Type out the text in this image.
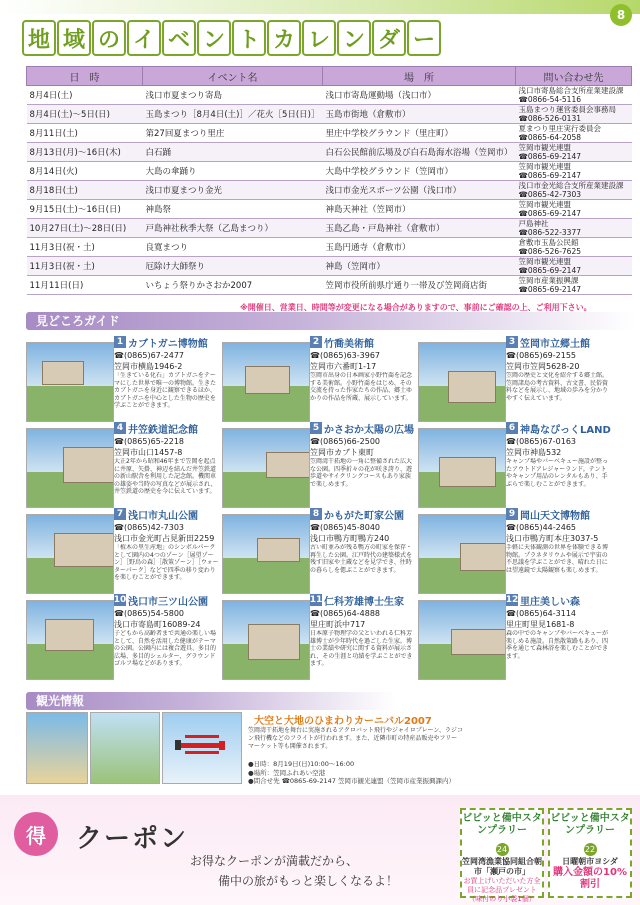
8
地 域 の イ ベ ン ト カ レ ン ダ ー
日　時	イベント名	場　所	問い合わせ先
8月4日(土)	浅口市夏まつり寄島	浅口市寄島運動場（浅口市）	浅口市寄島総合支所産業建設課
☎0866-54-5116

8月4日(土)～5日(日)	玉島まつり［8月4日(土)］／花火［5日(日)］	玉島市街地（倉敷市）	玉島まつり運営委員会事務局
☎086-526-0131

8月11日(土)	第27回夏まつり里庄	里庄中学校グラウンド（里庄町）	夏まつり里庄実行委員会
☎0865-64-2058

8月13日(月)～16日(木)	白石踊	白石公民館前広場及び白石島海水浴場（笠岡市）	笠岡市観光連盟
☎0865-69-2147

8月14日(火)	大島の傘踊り	大島中学校グラウンド（笠岡市）	笠岡市観光連盟
☎0865-69-2147

8月18日(土)	浅口市夏まつり金光	浅口市金光スポーツ公園（浅口市）	浅口市金光総合支所産業建設課
☎0865-42-7303

9月15日(土)～16日(日)	神島祭	神島天神社（笠岡市）	笠岡市観光連盟
☎0865-69-2147

10月27日(土)～28日(日)	戸島神社秋季大祭（乙島まつり）	玉島乙島・戸島神社（倉敷市）	戸島神社
☎086-522-3377

11月3日(祝・土)	良寛まつり	玉島円通寺（倉敷市）	倉敷市玉島公民館
☎086-526-7625

11月3日(祝・土)	厄除け大師祭り	神島（笠岡市）	笠岡市観光連盟
☎0865-69-2147

11月11日(日)	いちょう祭りかさおか2007	笠岡市役所前県庁通り一帯及び笠岡商店街	笠岡市産業振興課
☎0865-69-2147
※開催日、営業日、時間等が変更になる場合がありますので、事前にご確認の上、ご利用下さい。
見どころガイド
1 カブトガニ博物館
☎(0865)67-2477
笠岡市横島1946-2
「生きている化石」カブトガニをテーマにした世界で唯一の博物館。生きたカブトガニを身近に観察できるほか、カブトガニを中心とした生物の歴史を学ぶことができます。
2 竹喬美術館
☎(0865)63-3967
笠岡市六番町1-17
笠岡市出身の日本画家小野竹喬を記念する美術館。小野竹喬をはじめ、その交流を持った作家たちの作品、郷土ゆかりの作品を所蔵、展示しています。
3 笠岡市立郷土館
☎(0865)69-2155
笠岡市笠岡5628-20
笠岡の歴史と文化を紹介する郷土館。笠岡諸島の考古資料、古文書、民俗資料などを展示し、地域の歩みを分かりやすく伝えています。
4 井笠鉄道記念館
☎(0865)65-2218
笠岡市山口1457-8
大正2年から昭和46年まで笠岡を起点に井原、矢掛、神辺を結んだ井笠鉄道の新山駅舎を利用した記念館。機関車の雄姿や当時の写真などが展示され、井笠鉄道の歴史を今に伝えています。
5 かさおか太陽の広場
☎(0865)66-2500
笠岡市カブト東町
笠岡湾干拓地の一角に整備された広大な公園。四季折々の花が咲き誇り、遊歩道やサイクリングコースもあり家族で楽しめます。
6 神島なぴっくLAND
☎(0865)67-0163
笠岡市神島532
キャンプ場やバーベキュー施設が整ったアウトドアレジャーランド。テントやキャンプ用品のレンタルもあり、手ぶらで楽しむことができます。
7 浅口市丸山公園
☎(0865)42-7303
浅口市金光町占見新田2259
「植木の里生産地」のシンボルパークとして園内の4つのゾーン［展望ゾーン］［野鳥の森］［散策ゾーン］［ウォーターパーク］などで四季の移り変わりを楽しむことができます。
8 かもがた町家公園
☎(0865)45-8040
浅口市鴨方町鴨方240
古い町並みが残る鴨方の町家を保存・再生した公園。江戸時代の建築様式を残す旧家や土蔵などを見学でき、往時の暮らしを偲ぶことができます。
9 岡山天文博物館
☎(0865)44-2465
浅口市鴨方町本庄3037-5
手軽に天体観測の世界を体験できる博物館。プラネタリウムや展示で宇宙の不思議を学ぶことができ、晴れた日には望遠鏡で太陽観察も楽しめます。
10 浅口市三ツ山公園
☎(0865)54-5800
浅口市寄島町16089-24
子どもから高齢者まで共通の楽しい場として、自然を活用した健康がテーマの公園。公園内には複合遊具、多目的広場、多目的シェルター、グラウンドゴルフ場などがあります。
11 仁科芳雄博士生家
☎(0865)64-4888
里庄町浜中717
日本原子物理学の父といわれる仁科芳雄博士が少年時代を過ごした生家。博士の業績や研究に関する資料が展示され、その生涯と功績を学ぶことができます。
12 里庄美しい森
☎(0865)64-3114
里庄町里見1681-8
森の中でのキャンプやバーベキューが楽しめる施設。自然散策路もあり、四季を通じて森林浴を楽しむことができます。
観光情報
大空と大地のひまわりカーニバル2007
笠岡湾干拓地を舞台に実施されるアクロバット飛行やジャイロプレーン、ラジコン飛行機などのフライトが行われます。また、近隣市町の特産品販売やフリーマーケット等も開催されます。
●日時：8月19日(日)10:00～16:00
●場所：笠岡ふれあい空港
●問合せ先 ☎0865-69-2147 笠岡市観光連盟（笠岡市産業振興課内）
得	クーポン
お得なクーポンが満載だから、
備中の旅がもっと楽しくなるよ！
ビビッと備中スタンプラリー
24
笠岡湾漁業協同組合朝市「瀬戸の市」
お買上げいただいた方全員に記念品プレゼント
（味付のり小袋1個）
ビビッと備中スタンプラリー
22
日曜朝市ヨシダ
購入金額の10%割引
